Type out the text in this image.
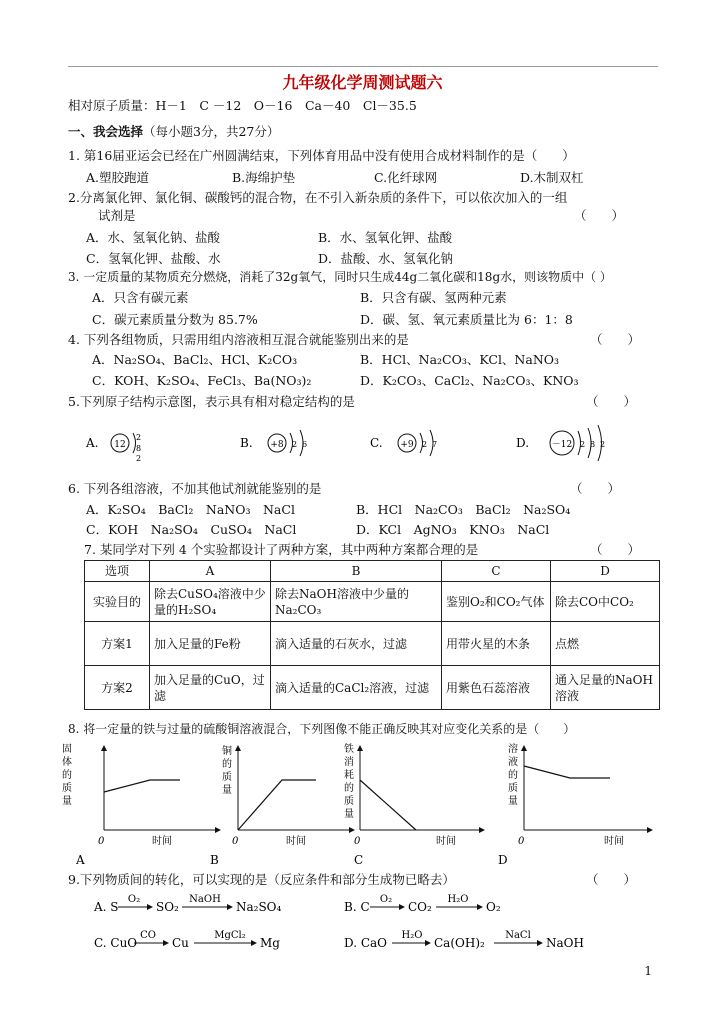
九年级化学周测试题六
相对原子质量：H－1　C －12　O－16　Ca－40　Cl－35.5
一、我会选择（每小题3分，共27分）
1. 第16届亚运会已经在广州圆满结束，下列体育用品中没有使用合成材料制作的是（　　）
A.塑胶跑道	B.海绵护垫	C.化纤球网	D.木制双杠
2.分离氯化钾、氯化铜、碳酸钙的混合物，在不引入新杂质的条件下，可以依次加入的一组
试剂是	（　　）
A．水、氢氧化钠、盐酸	B．水、氢氧化钾、盐酸
C．氢氧化钾、盐酸、水	D．盐酸、水、氢氧化钠
3. 一定质量的某物质充分燃烧，消耗了32g氧气，同时只生成44g二氧化碳和18g水，则该物质中（ ）
A．只含有碳元素	B．只含有碳、氢两种元素
C．碳元素质量分数为 85.7%	D．碳、氢、氧元素质量比为 6：1：8
4. 下列各组物质，只需用组内溶液相互混合就能鉴别出来的是	（　　）
A．Na₂SO₄、BaCl₂、HCl、K₂CO₃	B．HCl、Na₂CO₃、KCl、NaNO₃
C．KOH、K₂SO₄、FeCl₃、Ba(NO₃)₂	D．K₂CO₃、CaCl₂、Na₂CO₃、KNO₃
5.下列原子结构示意图，表示具有相对稳定结构的是	（　　）
A. 12
2
8
2
B. +8 2 6	C. +9 2 7	D.	－12 2 8 2
6. 下列各组溶液，不加其他试剂就能鉴别的是	（　　）
A．K₂SO₄　BaCl₂　NaNO₃　NaCl	B．HCl　Na₂CO₃　BaCl₂　Na₂SO₄
C．KOH　Na₂SO₄　CuSO₄　NaCl	D．KCl　AgNO₃　KNO₃　NaCl
7. 某同学对下列 4 个实验都设计了两种方案，其中两种方案都合理的是	（　　）
选项	A	B	C	D
实验目的	除去CuSO₄溶液中少量的H₂SO₄	除去NaOH溶液中少量的Na₂CO₃	鉴别O₂和CO₂气体	除去CO中CO₂
方案1	加入足量的Fe粉	滴入适量的石灰水，过滤	用带火星的木条	点燃
方案2	加入足量的CuO，过滤	滴入适量的CaCl₂溶液，过滤	用紫色石蕊溶液	通入足量的NaOH溶液
8. 将一定量的铁与过量的硫酸铜溶液混合，下列图像不能正确反映其对应变化关系的是（　　）
固
体
的
质
量
0	时间
A
铜
的
质
量
0	时间
B
铁
消
耗
的
质
量
0	时间
C
溶
液
的
质
量
0	时间
D
9.下列物质间的转化，可以实现的是（反应条件和部分生成物已略去）	（　　）
A. S
O₂
SO₂
NaOH
Na₂SO₄	B. C
O₂
CO₂
H₂O
O₂
C. CuO
CO
Cu
MgCl₂
Mg	D. CaO
H₂O
Ca(OH)₂
NaCl
NaOH
1
